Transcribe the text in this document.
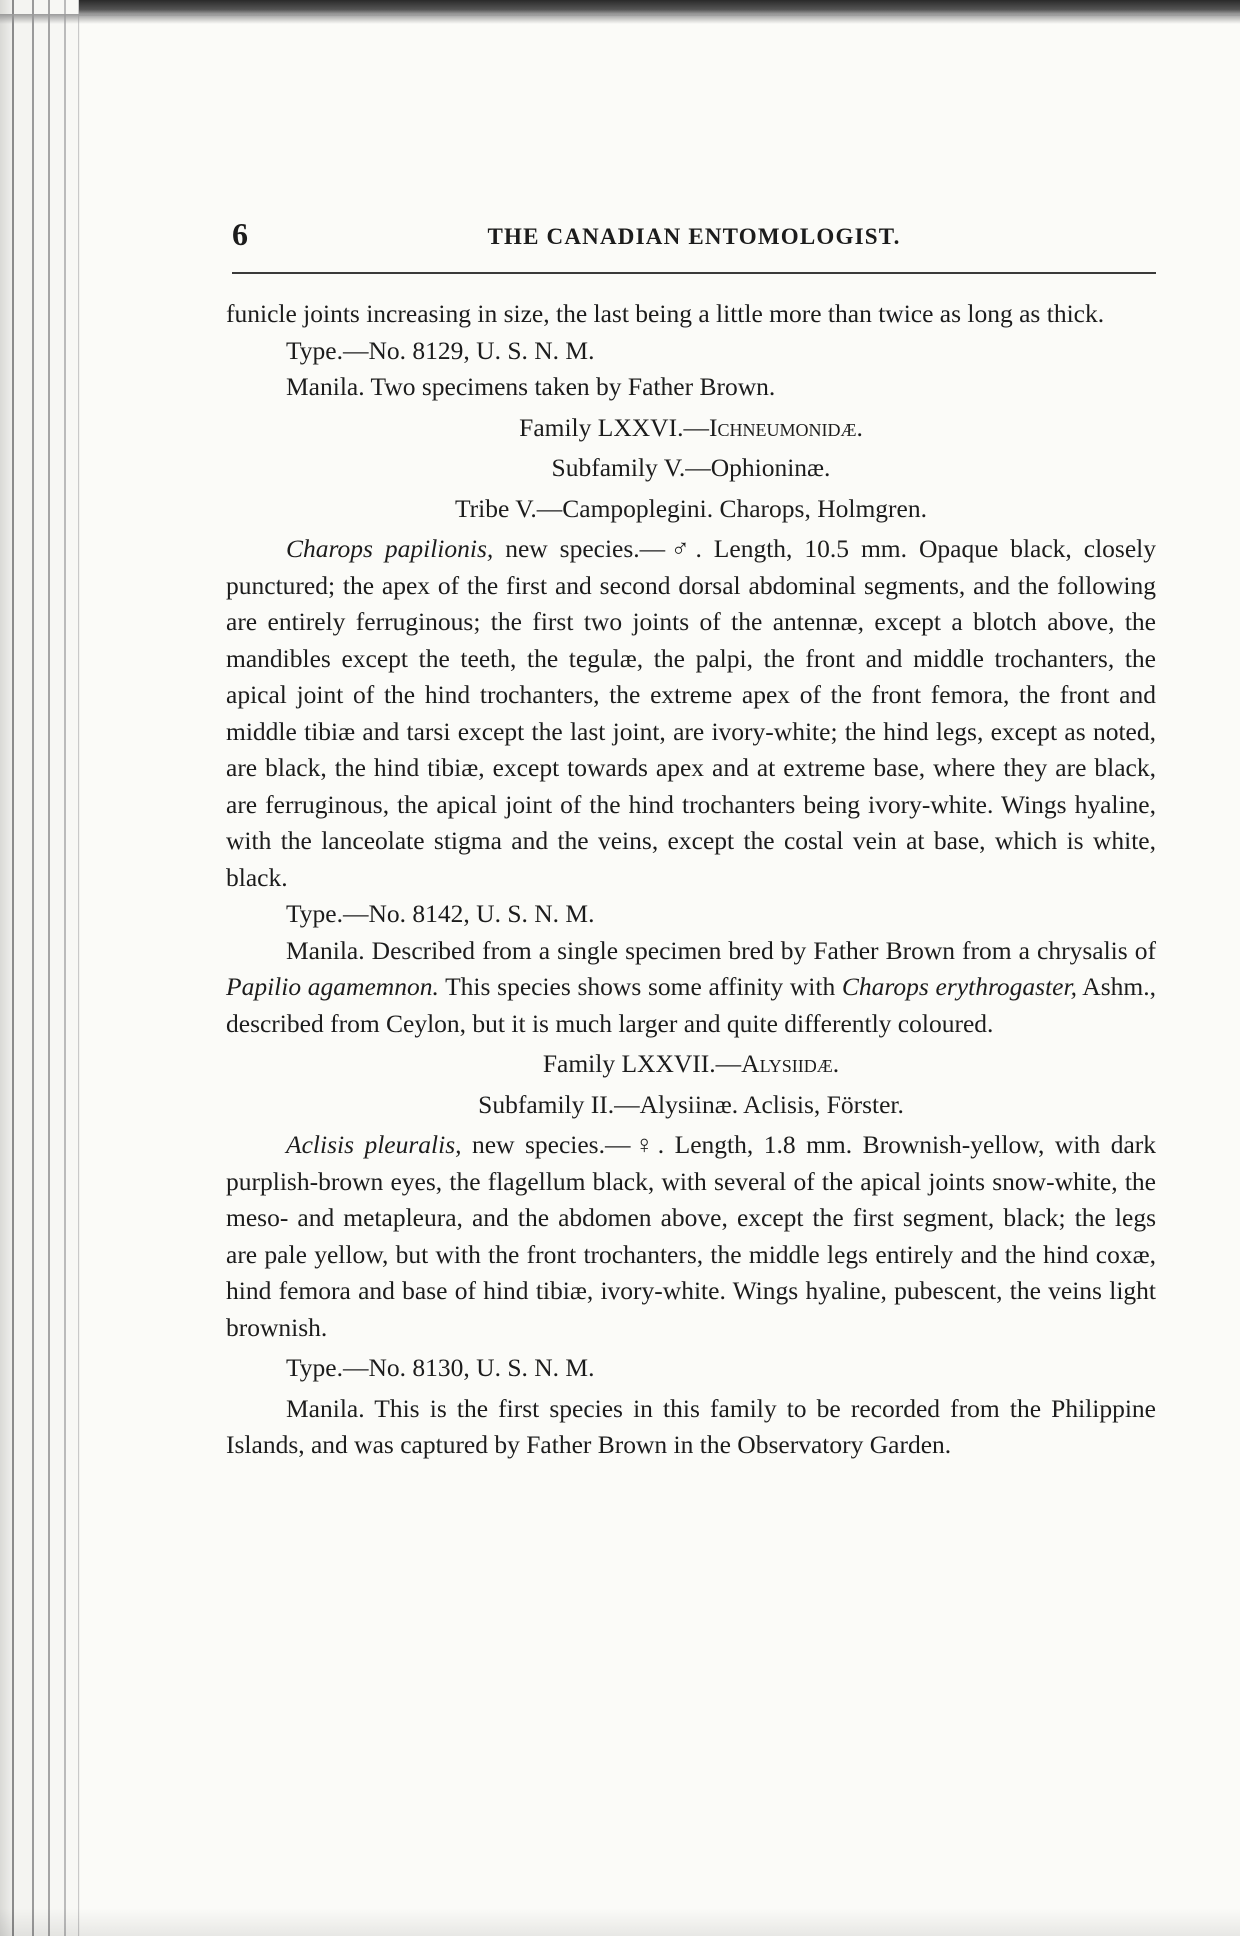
6	THE CANADIAN ENTOMOLOGIST.

funicle joints increasing in size, the last being a little more than twice as long as thick.

Type.—No. 8129, U. S. N. M.

Manila. Two specimens taken by Father Brown.

Family LXXVI.—Ichneumonidæ.

Subfamily V.—Ophioninæ.

Tribe V.—Campoplegini. Charops, Holmgren.

Charops papilionis, new species.—♂. Length, 10.5 mm. Opaque black, closely punctured; the apex of the first and second dorsal abdominal segments, and the following are entirely ferruginous; the first two joints of the antennæ, except a blotch above, the mandibles except the teeth, the tegulæ, the palpi, the front and middle trochanters, the apical joint of the hind trochanters, the extreme apex of the front femora, the front and middle tibiæ and tarsi except the last joint, are ivory-white; the hind legs, except as noted, are black, the hind tibiæ, except towards apex and at extreme base, where they are black, are ferruginous, the apical joint of the hind trochanters being ivory-white. Wings hyaline, with the lanceolate stigma and the veins, except the costal vein at base, which is white, black.

Type.—No. 8142, U. S. N. M.

Manila. Described from a single specimen bred by Father Brown from a chrysalis of Papilio agamemnon. This species shows some affinity with Charops erythrogaster, Ashm., described from Ceylon, but it is much larger and quite differently coloured.

Family LXXVII.—Alysiidæ.

Subfamily II.—Alysiinæ. Aclisis, Förster.

Aclisis pleuralis, new species.—♀. Length, 1.8 mm. Brownish-yellow, with dark purplish-brown eyes, the flagellum black, with several of the apical joints snow-white, the meso- and metapleura, and the abdomen above, except the first segment, black; the legs are pale yellow, but with the front trochanters, the middle legs entirely and the hind coxæ, hind femora and base of hind tibiæ, ivory-white. Wings hyaline, pubescent, the veins light brownish.

Type.—No. 8130, U. S. N. M.

Manila. This is the first species in this family to be recorded from the Philippine Islands, and was captured by Father Brown in the Observatory Garden.
